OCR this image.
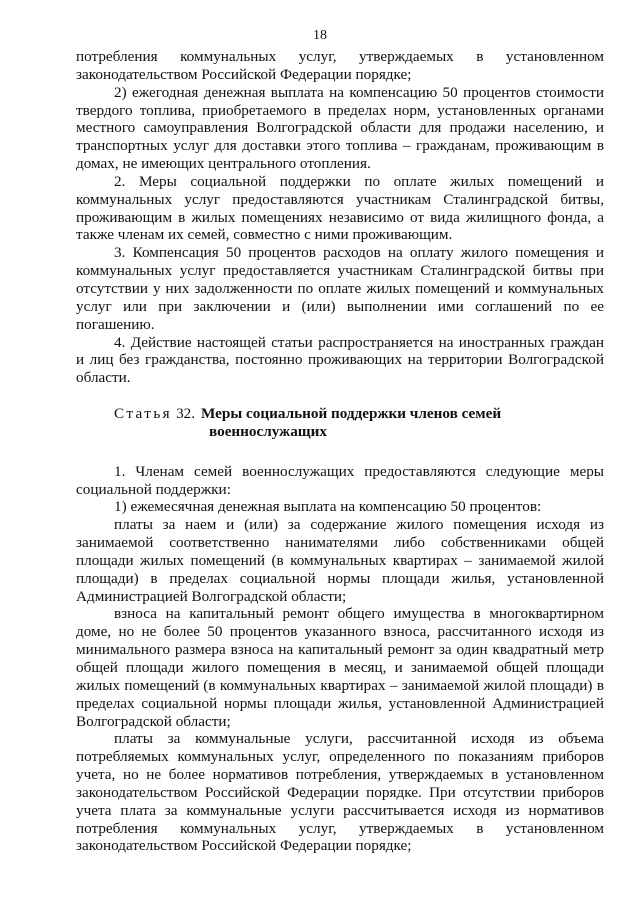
18

потребления коммунальных услуг, утверждаемых в установленном законодательством Российской Федерации порядке;

2) ежегодная денежная выплата на компенсацию 50 процентов стоимости твердого топлива, приобретаемого в пределах норм, установленных органами местного самоуправления Волгоградской области для продажи населению, и транспортных услуг для доставки этого топлива – гражданам, проживающим в домах, не имеющих центрального отопления.

2. Меры социальной поддержки по оплате жилых помещений и коммунальных услуг предоставляются участникам Сталинградской битвы, проживающим в жилых помещениях независимо от вида жилищного фонда, а также членам их семей, совместно с ними проживающим.

3. Компенсация 50 процентов расходов на оплату жилого помещения и коммунальных услуг предоставляется участникам Сталинградской битвы при отсутствии у них задолженности по оплате жилых помещений и коммунальных услуг или при заключении и (или) выполнении ими соглашений по ее погашению.

4. Действие настоящей статьи распространяется на иностранных граждан и лиц без гражданства, постоянно проживающих на территории Волгоградской области.

Статья 32. Меры социальной поддержки членов семей
военнослужащих

1. Членам семей военнослужащих предоставляются следующие меры социальной поддержки:

1) ежемесячная денежная выплата на компенсацию 50 процентов:

платы за наем и (или) за содержание жилого помещения исходя из занимаемой соответственно нанимателями либо собственниками общей площади жилых помещений (в коммунальных квартирах – занимаемой жилой площади) в пределах социальной нормы площади жилья, установленной Администрацией Волгоградской области;

взноса на капитальный ремонт общего имущества в многоквартирном доме, но не более 50 процентов указанного взноса, рассчитанного исходя из минимального размера взноса на капитальный ремонт за один квадратный метр общей площади жилого помещения в месяц, и занимаемой общей площади жилых помещений (в коммунальных квартирах – занимаемой жилой площади) в пределах социальной нормы площади жилья, установленной Администрацией Волгоградской области;

платы за коммунальные услуги, рассчитанной исходя из объема потребляемых коммунальных услуг, определенного по показаниям приборов учета, но не более нормативов потребления, утверждаемых в установленном законодательством Российской Федерации порядке. При отсутствии приборов учета плата за коммунальные услуги рассчитывается исходя из нормативов потребления коммунальных услуг, утверждаемых в установленном законодательством Российской Федерации порядке;
